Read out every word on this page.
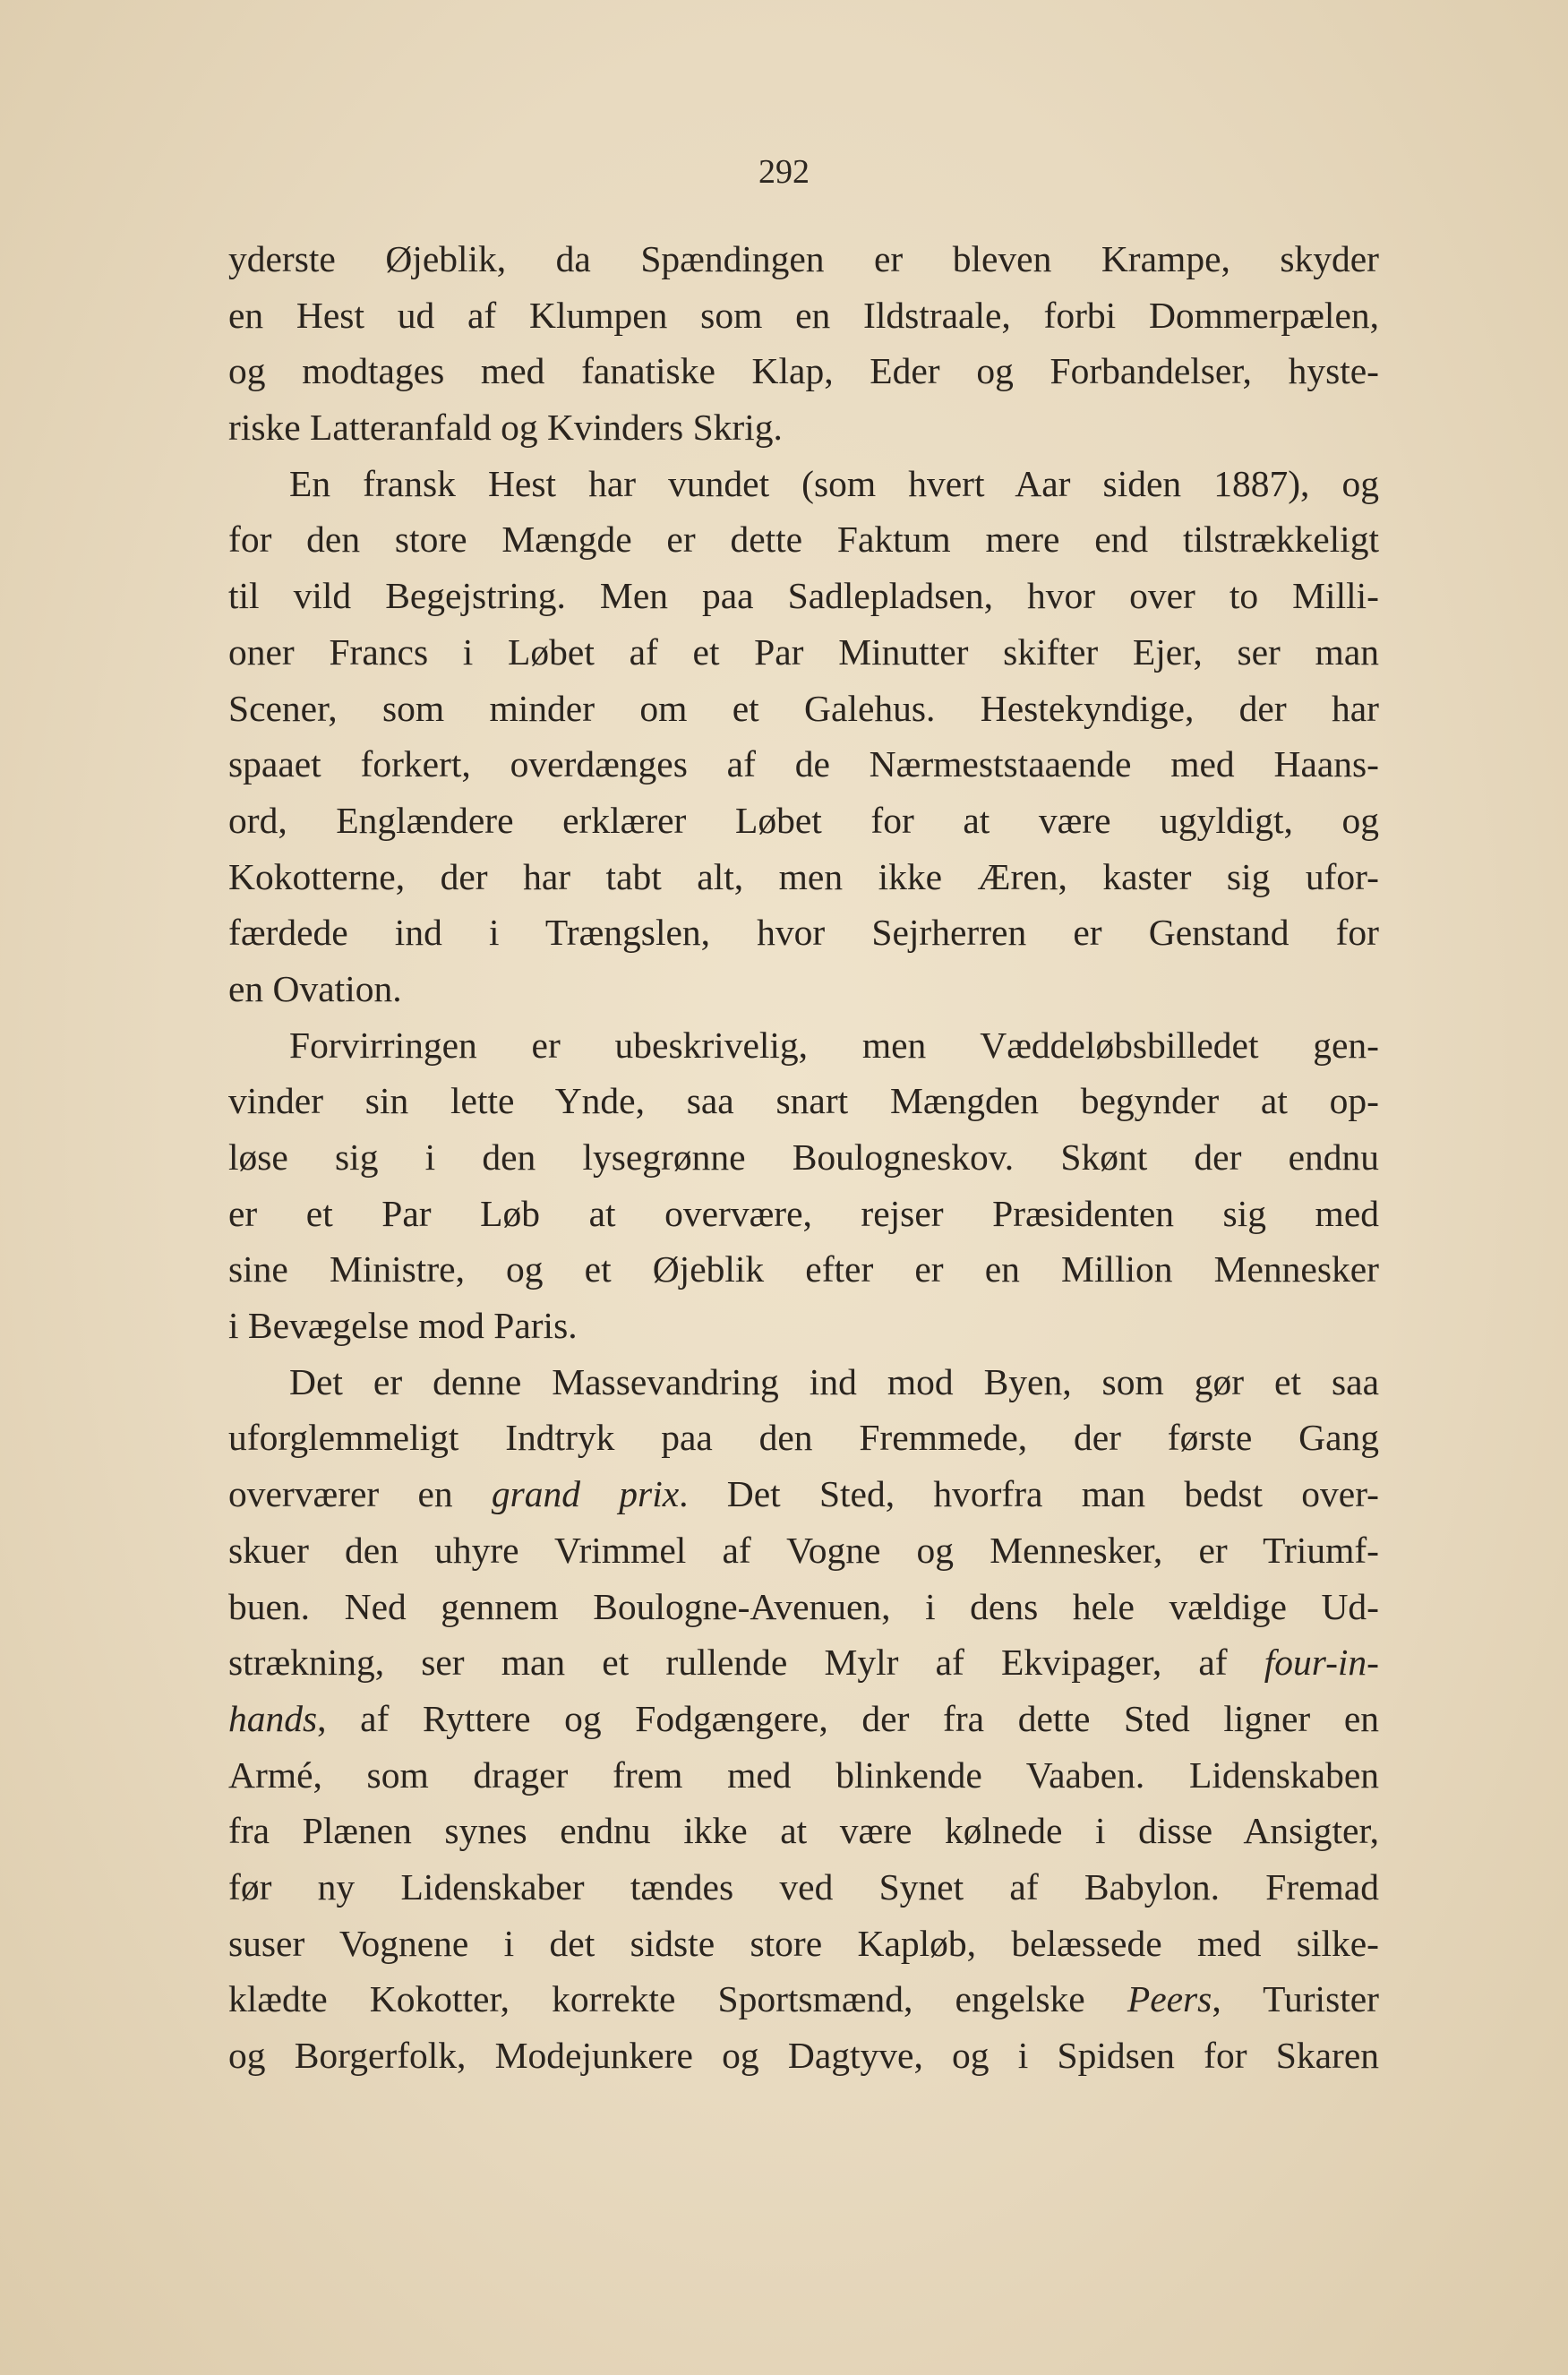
292

yderste Øjeblik, da Spændingen er bleven Krampe, skyder
en Hest ud af Klumpen som en Ildstraale, forbi Dommerpælen,
og modtages med fanatiske Klap, Eder og Forbandelser, hyste-
riske Latteranfald og Kvinders Skrig.
En fransk Hest har vundet (som hvert Aar siden 1887), og
for den store Mængde er dette Faktum mere end tilstrækkeligt
til vild Begejstring. Men paa Sadlepladsen, hvor over to Milli-
oner Francs i Løbet af et Par Minutter skifter Ejer, ser man
Scener, som minder om et Galehus. Hestekyndige, der har
spaaet forkert, overdænges af de Nærmeststaaende med Haans-
ord, Englændere erklærer Løbet for at være ugyldigt, og
Kokotterne, der har tabt alt, men ikke Æren, kaster sig ufor-
færdede ind i Trængslen, hvor Sejrherren er Genstand for
en Ovation.
Forvirringen er ubeskrivelig, men Væddeløbsbilledet gen-
vinder sin lette Ynde, saa snart Mængden begynder at op-
løse sig i den lysegrønne Boulogneskov. Skønt der endnu
er et Par Løb at overvære, rejser Præsidenten sig med
sine Ministre, og et Øjeblik efter er en Million Mennesker
i Bevægelse mod Paris.
Det er denne Massevandring ind mod Byen, som gør et saa
uforglemmeligt Indtryk paa den Fremmede, der første Gang
overværer en grand prix. Det Sted, hvorfra man bedst over-
skuer den uhyre Vrimmel af Vogne og Mennesker, er Triumf-
buen. Ned gennem Boulogne-Avenuen, i dens hele vældige Ud-
strækning, ser man et rullende Mylr af Ekvipager, af four-in-
hands, af Ryttere og Fodgængere, der fra dette Sted ligner en
Armé, som drager frem med blinkende Vaaben. Lidenskaben
fra Plænen synes endnu ikke at være kølnede i disse Ansigter,
før ny Lidenskaber tændes ved Synet af Babylon. Fremad
suser Vognene i det sidste store Kapløb, belæssede med silke-
klædte Kokotter, korrekte Sportsmænd, engelske Peers, Turister
og Borgerfolk, Modejunkere og Dagtyve, og i Spidsen for Skaren
